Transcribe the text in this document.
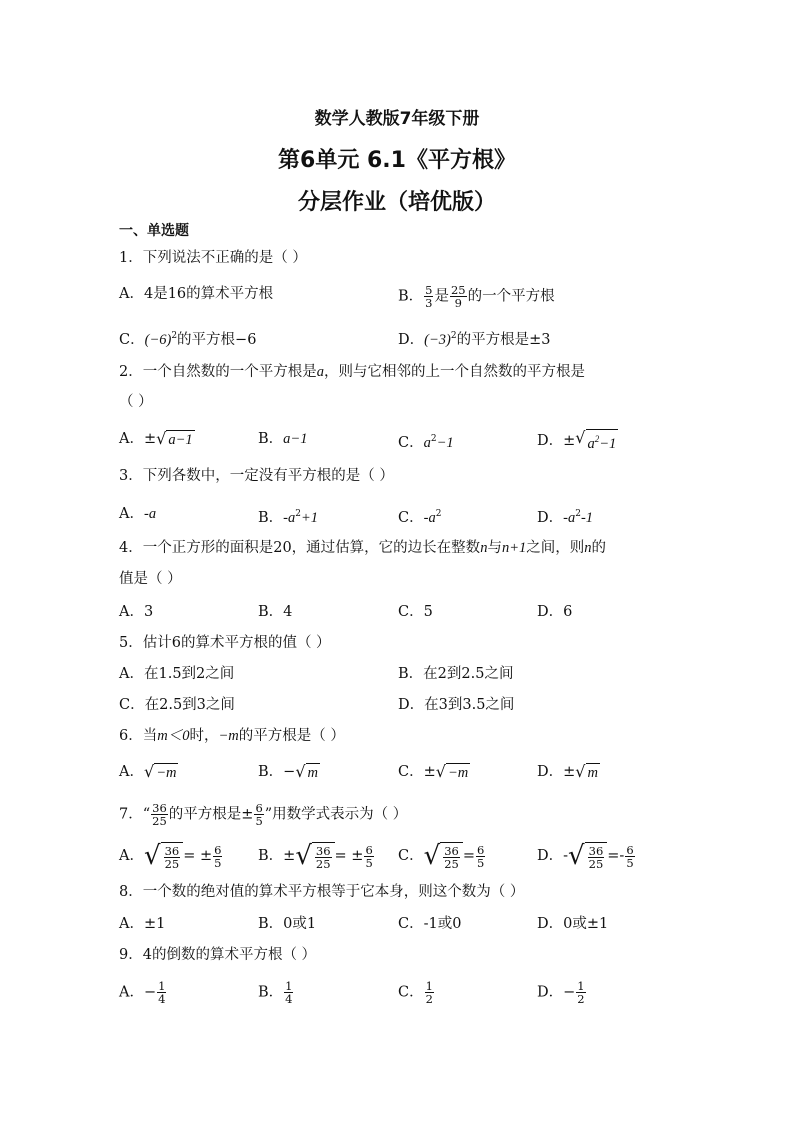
数学人教版7年级下册
第6单元 6.1《平方根》
分层作业（培优版）
一、单选题
1．下列说法不正确的是（ ）
A．4是16的算术平方根	B． $\frac{5}{3}$ 是 $\frac{25}{9}$ 的一个平方根
C．$(-6)^2$的平方根−6	D．$(-3)^2$的平方根是±3
2．一个自然数的一个平方根是a，则与它相邻的上一个自然数的平方根是
（ ）
A．± √ a−1	B．a−1	C．$a^2-1$	D．± √ $a^2-1$
3．下列各数中，一定没有平方根的是（ ）
A．-a	B．$-a^2+1$	C．$-a^2$	D．$-a^2-1$
4．一个正方形的面积是20，通过估算，它的边长在整数n与n+1之间，则n的
值是（ ）
A．3	B．4	C．5	D．6
5．估计6的算术平方根的值（ ）
A．在1.5到2之间	B．在2到2.5之间
C．在2.5到3之间	D．在3到3.5之间
6．当m＜0时，−m的平方根是（ ）
A． √ −m	B．− √ m	C．± √ −m	D．± √ m
7．“ $\frac{36}{25}$ 的平方根是± $\frac{6}{5}$ ”用数学式表示为（ ）
A． √ $\frac{36}{25}$ = ± $\frac{6}{5}$ B．± √ $\frac{36}{25}$ = ± $\frac{6}{5}$ C． √ $\frac{36}{25} = \frac{6}{5}$	D．- √ $\frac{36}{25} =- \frac{6}{5}$
8．一个数的绝对值的算术平方根等于它本身，则这个数为（ ）
A．±1	B．0或1	C．-1或0	D．0或±1
9．4的倒数的算术平方根（ ）
A．− $\frac{1}{4}$	B． $\frac{1}{4}$	C． $\frac{1}{2}$	D．− $\frac{1}{2}$
